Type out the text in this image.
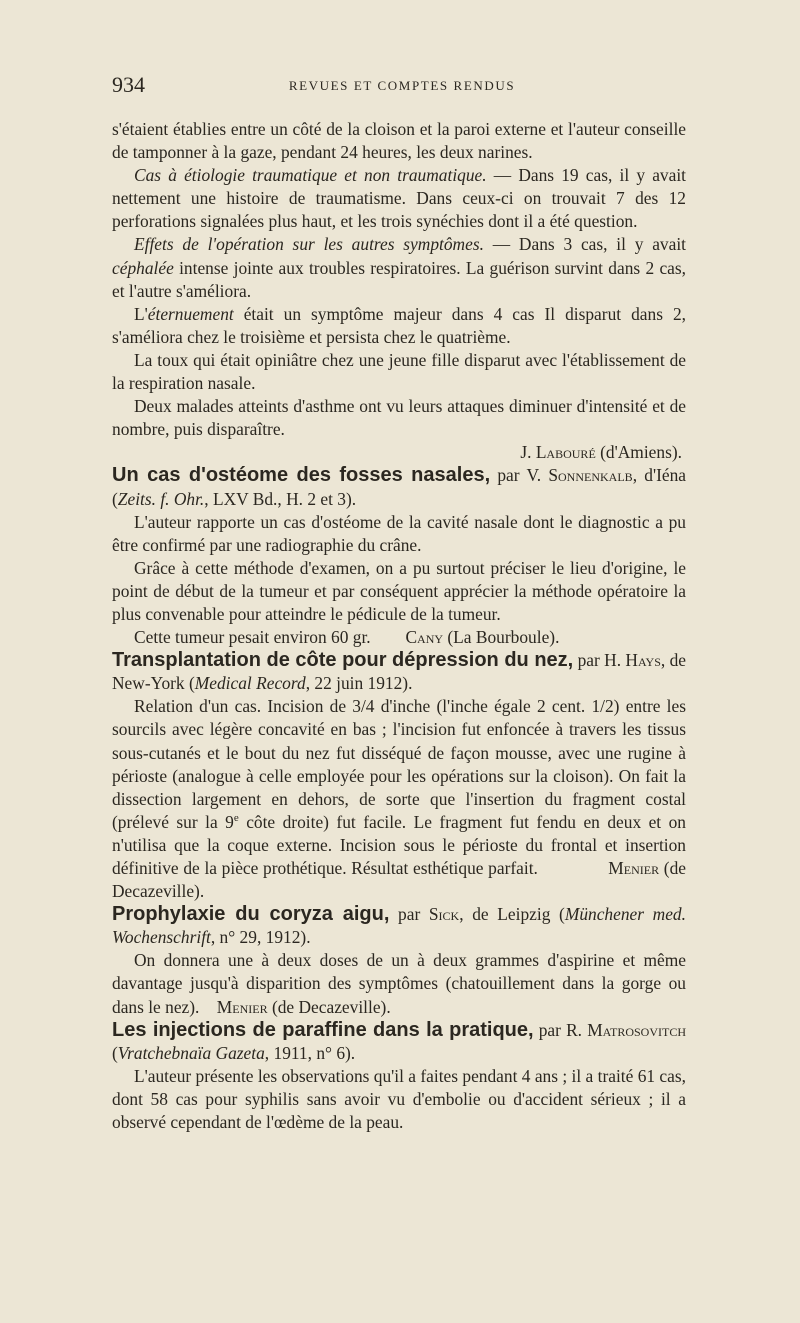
934	REVUES ET COMPTES RENDUS

s'étaient établies entre un côté de la cloison et la paroi externe et l'auteur conseille de tamponner à la gaze, pendant 24 heures, les deux narines.

Cas à étiologie traumatique et non traumatique. — Dans 19 cas, il y avait nettement une histoire de traumatisme. Dans ceux-ci on trouvait 7 des 12 perforations signalées plus haut, et les trois synéchies dont il a été question.

Effets de l'opération sur les autres symptômes. — Dans 3 cas, il y avait céphalée intense jointe aux troubles respiratoires. La guérison survint dans 2 cas, et l'autre s'améliora.

L'éternuement était un symptôme majeur dans 4 cas Il disparut dans 2, s'améliora chez le troisième et persista chez le quatrième.

La toux qui était opiniâtre chez une jeune fille disparut avec l'établissement de la respiration nasale.

Deux malades atteints d'asthme ont vu leurs attaques diminuer d'intensité et de nombre, puis disparaître.

J. Labouré (d'Amiens).

Un cas d'ostéome des fosses nasales, par V. Sonnenkalb, d'Iéna (Zeits. f. Ohr., LXV Bd., H. 2 et 3).

L'auteur rapporte un cas d'ostéome de la cavité nasale dont le diagnostic a pu être confirmé par une radiographie du crâne.

Grâce à cette méthode d'examen, on a pu surtout préciser le lieu d'origine, le point de début de la tumeur et par conséquent apprécier la méthode opératoire la plus convenable pour atteindre le pédicule de la tumeur.

Cette tumeur pesait environ 60 gr.        Cany (La Bourboule).

Transplantation de côte pour dépression du nez, par H. Hays, de New-York (Medical Record, 22 juin 1912).

Relation d'un cas. Incision de 3/4 d'inche (l'inche égale 2 cent. 1/2) entre les sourcils avec légère concavité en bas ; l'incision fut enfoncée à travers les tissus sous-cutanés et le bout du nez fut disséqué de façon mousse, avec une rugine à périoste (analogue à celle employée pour les opérations sur la cloison). On fait la dissection largement en dehors, de sorte que l'insertion du fragment costal (prélevé sur la 9e côte droite) fut facile. Le fragment fut fendu en deux et on n'utilisa que la coque externe. Incision sous le périoste du frontal et insertion définitive de la pièce prothétique. Résultat esthétique parfait.	Menier (de Decazeville).

Prophylaxie du coryza aigu, par Sick, de Leipzig (Münchener med. Wochenschrift, n° 29, 1912).

On donnera une à deux doses de un à deux grammes d'aspirine et même davantage jusqu'à disparition des symptômes (chatouillement dans la gorge ou dans le nez).    Menier (de Decazeville).

Les injections de paraffine dans la pratique, par R. Matrosovitch (Vratchebnaïa Gazeta, 1911, n° 6).

L'auteur présente les observations qu'il a faites pendant 4 ans ; il a traité 61 cas, dont 58 cas pour syphilis sans avoir vu d'embolie ou d'accident sérieux ; il a observé cependant de l'œdème de la peau.
